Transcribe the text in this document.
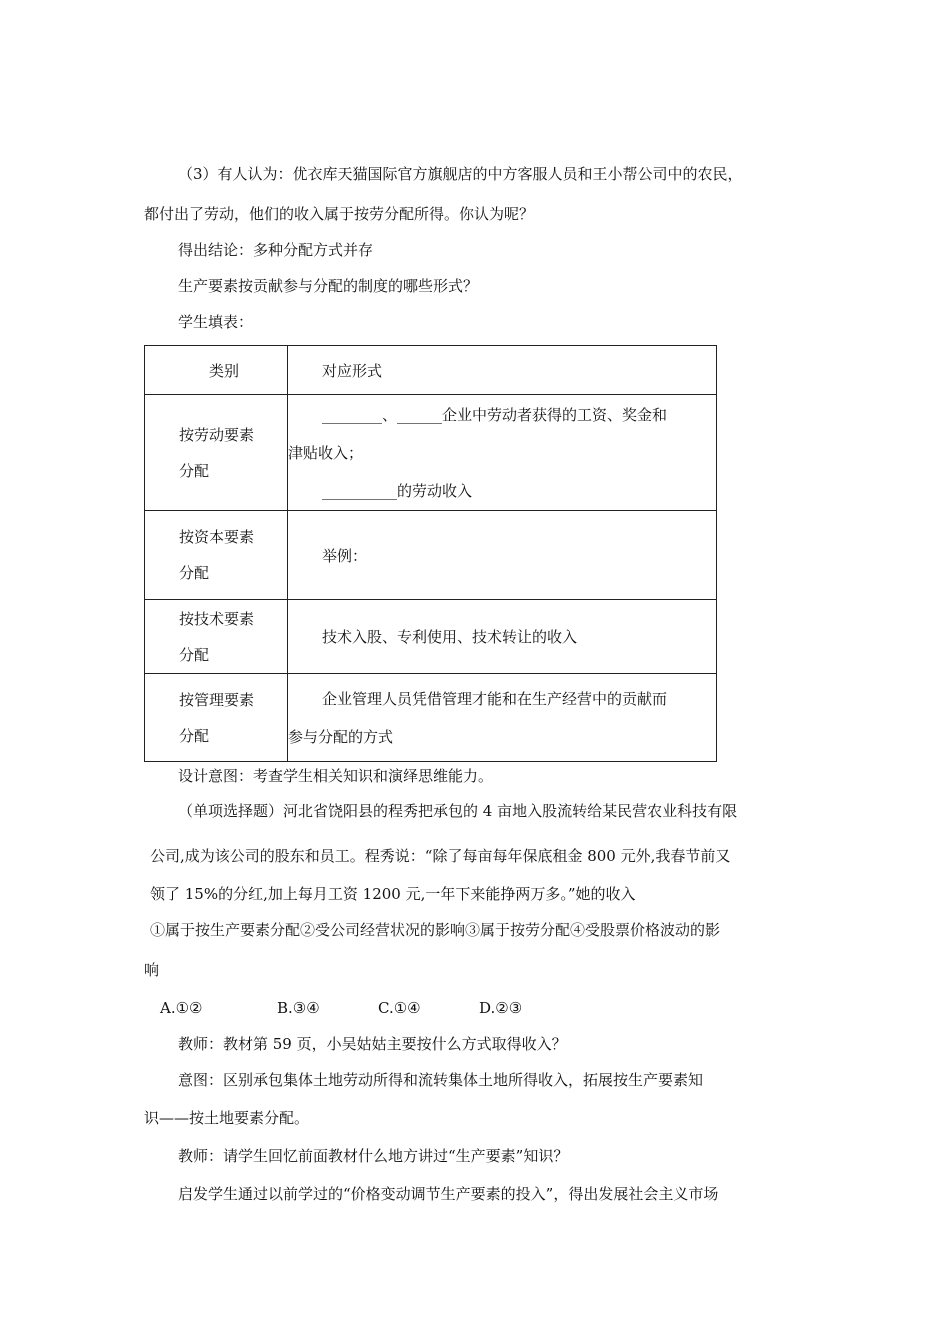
（3）有人认为：优衣库天猫国际官方旗舰店的中方客服人员和王小帮公司中的农民，
都付出了劳动，他们的收入属于按劳分配所得。你认为呢？
得出结论：多种分配方式并存
生产要素按贡献参与分配的制度的哪些形式？
学生填表：
类别	对应形式

按劳动要素
分配	________、______企业中劳动者获得的工资、奖金和
津贴收入；
__________的劳动收入

按资本要素
分配	举例：

按技术要素
分配	技术入股、专利使用、技术转让的收入

按管理要素
分配	企业管理人员凭借管理才能和在生产经营中的贡献而
参与分配的方式
设计意图：考查学生相关知识和演绎思维能力。
（单项选择题）河北省饶阳县的程秀把承包的 4 亩地入股流转给某民营农业科技有限
公司,成为该公司的股东和员工。程秀说：“除了每亩每年保底租金 800 元外,我春节前又
领了 15%的分红,加上每月工资 1200 元,一年下来能挣两万多。”她的收入
①属于按生产要素分配②受公司经营状况的影响③属于按劳分配④受股票价格波动的影
响
A.①②	B.③④	C.①④	D.②③
教师：教材第 59 页，小吴姑姑主要按什么方式取得收入？
意图：区别承包集体土地劳动所得和流转集体土地所得收入，拓展按生产要素知
识——按土地要素分配。
教师：请学生回忆前面教材什么地方讲过“生产要素”知识？
启发学生通过以前学过的“价格变动调节生产要素的投入”，得出发展社会主义市场
